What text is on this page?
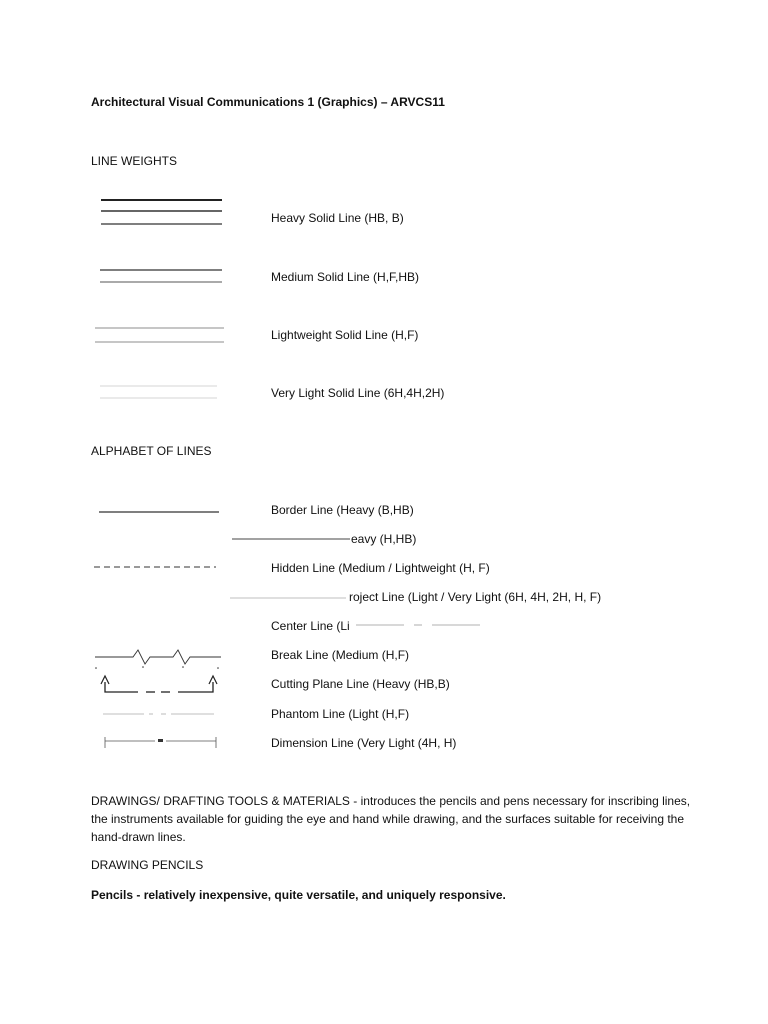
Architectural Visual Communications 1 (Graphics) – ARVCS11
LINE WEIGHTS
Heavy Solid Line (HB, B)
Medium Solid Line (H,F,HB)
Lightweight Solid Line (H,F)
Very Light Solid Line (6H,4H,2H)
ALPHABET OF LINES
Border Line (Heavy (B,HB)
eavy (H,HB)
Hidden Line (Medium / Lightweight (H, F)
roject Line (Light / Very Light (6H, 4H, 2H, H, F)
Center Line (Li
Break Line (Medium (H,F)
Cutting Plane Line (Heavy (HB,B)
Phantom Line (Light (H,F)
Dimension Line (Very Light (4H, H)
DRAWINGS/ DRAFTING TOOLS & MATERIALS - introduces the pencils and pens necessary for inscribing lines, the instruments available for guiding the eye and hand while drawing, and the surfaces suitable for receiving the hand-drawn lines.
DRAWING PENCILS
Pencils - relatively inexpensive, quite versatile, and uniquely responsive.
